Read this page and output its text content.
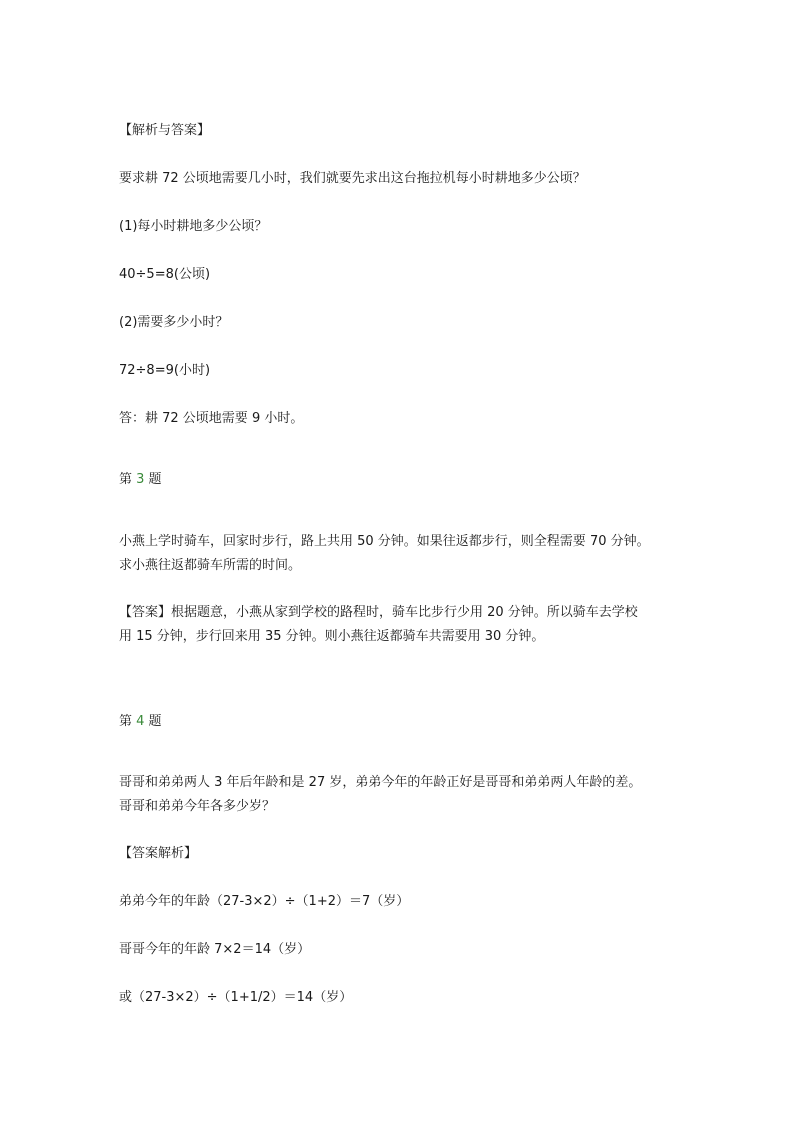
【解析与答案】

要求耕 72 公顷地需要几小时，我们就要先求出这台拖拉机每小时耕地多少公顷？

(1)每小时耕地多少公顷？

40÷5=8(公顷)

(2)需要多少小时？

72÷8=9(小时)

答：耕 72 公顷地需要 9 小时。

第 3 题

小燕上学时骑车，回家时步行，路上共用 50 分钟。如果往返都步行，则全程需要 70 分钟。

求小燕往返都骑车所需的时间。

【答案】根据题意，小燕从家到学校的路程时，骑车比步行少用 20 分钟。所以骑车去学校

用 15 分钟，步行回来用 35 分钟。则小燕往返都骑车共需要用 30 分钟。

第 4 题

哥哥和弟弟两人 3 年后年龄和是 27 岁，弟弟今年的年龄正好是哥哥和弟弟两人年龄的差。

哥哥和弟弟今年各多少岁？

【答案解析】

弟弟今年的年龄（27-3×2）÷（1+2）＝7（岁）

哥哥今年的年龄 7×2＝14（岁）

或（27-3×2）÷（1+1/2）＝14（岁）
